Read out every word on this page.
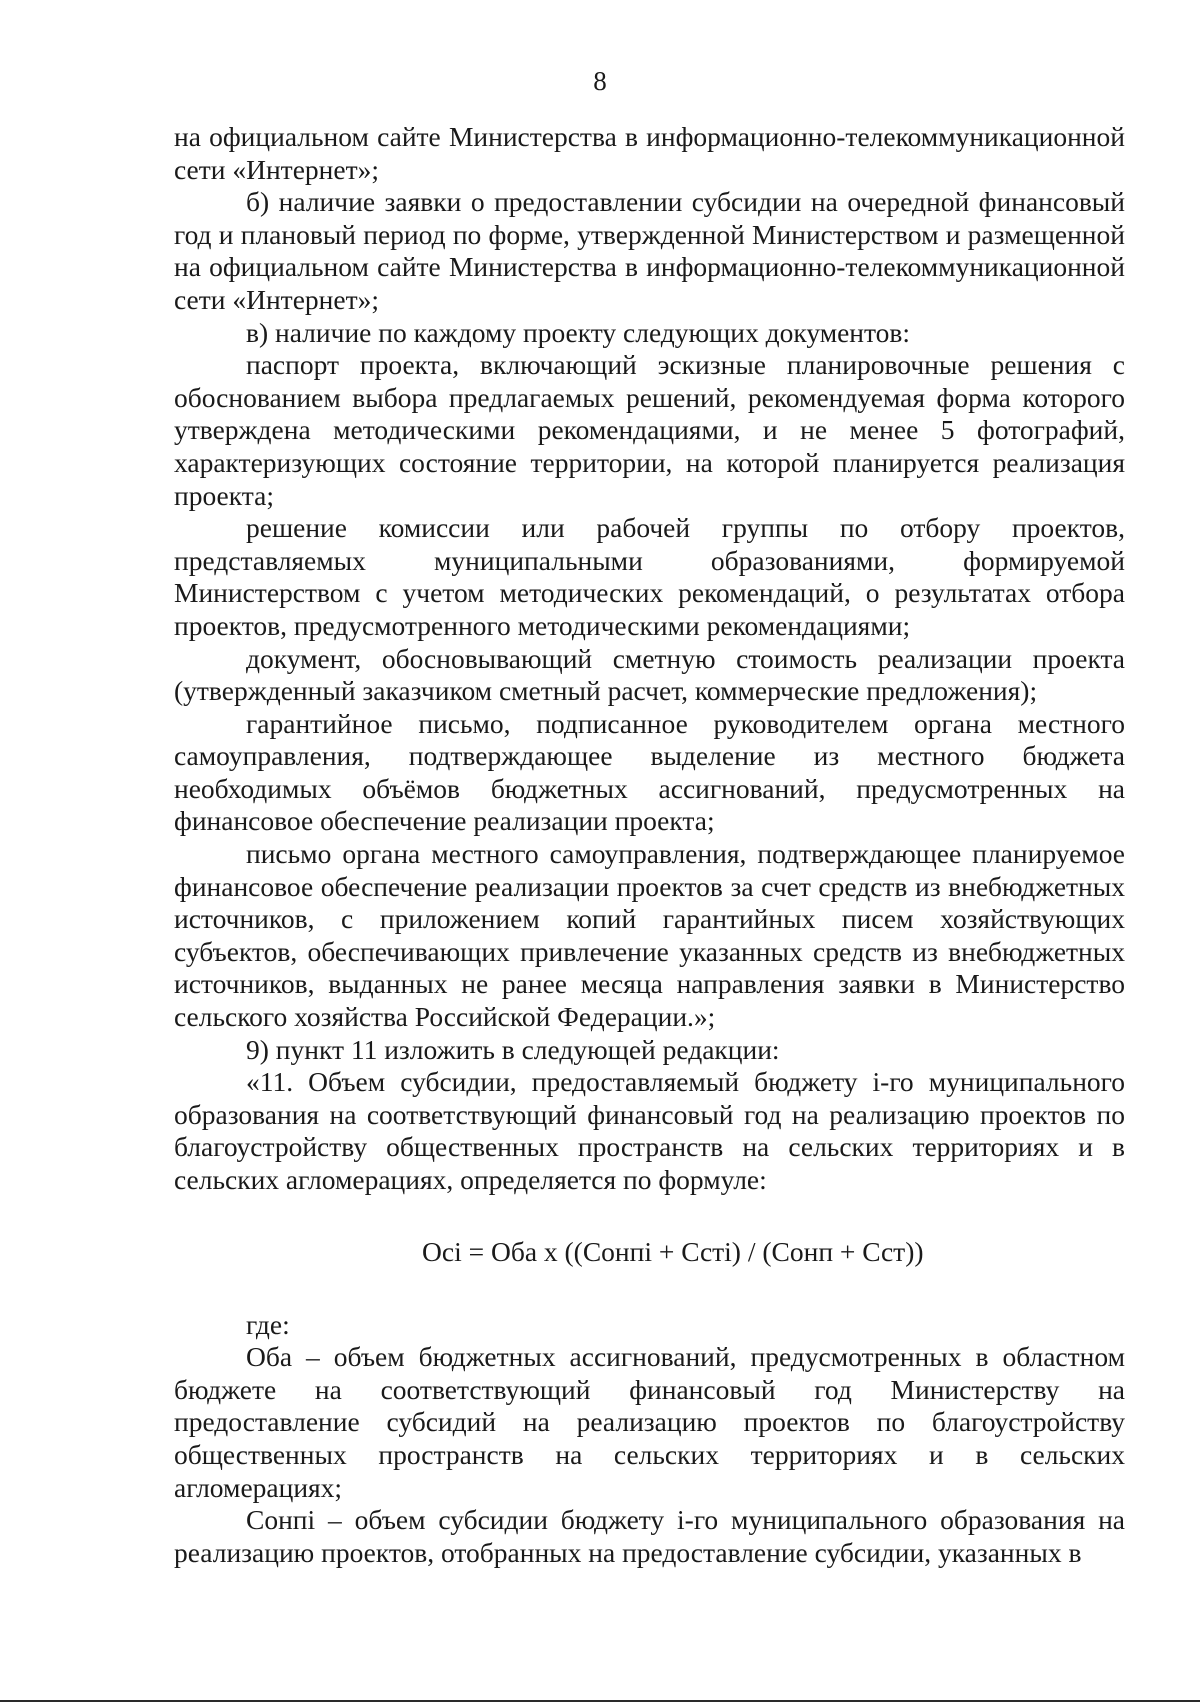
8

на официальном сайте Министерства в информационно-телекоммуникационной сети «Интернет»;

б) наличие заявки о предоставлении субсидии на очередной финансовый год и плановый период по форме, утвержденной Министерством и размещенной на официальном сайте Министерства в информационно-телекоммуникационной сети «Интернет»;

в) наличие по каждому проекту следующих документов:

паспорт проекта, включающий эскизные планировочные решения с обоснованием выбора предлагаемых решений, рекомендуемая форма которого утверждена методическими рекомендациями, и не менее 5 фотографий, характеризующих состояние территории, на которой планируется реализация проекта;

решение комиссии или рабочей группы по отбору проектов, представляемых муниципальными образованиями, формируемой Министерством с учетом методических рекомендаций, о результатах отбора проектов, предусмотренного методическими рекомендациями;

документ, обосновывающий сметную стоимость реализации проекта (утвержденный заказчиком сметный расчет, коммерческие предложения);

гарантийное письмо, подписанное руководителем органа местного самоуправления, подтверждающее выделение из местного бюджета необходимых объёмов бюджетных ассигнований, предусмотренных на финансовое обеспечение реализации проекта;

письмо органа местного самоуправления, подтверждающее планируемое финансовое обеспечение реализации проектов за счет средств из внебюджетных источников, с приложением копий гарантийных писем хозяйствующих субъектов, обеспечивающих привлечение указанных средств из внебюджетных источников, выданных не ранее месяца направления заявки в Министерство сельского хозяйства Российской Федерации.»;

9) пункт 11 изложить в следующей редакции:

«11. Объем субсидии, предоставляемый бюджету i-го муниципального образования на соответствующий финансовый год на реализацию проектов по благоустройству общественных пространств на сельских территориях и в сельских агломерациях, определяется по формуле:

Осi = Оба х ((Сонпi + Сстi) / (Сонп + Сст))

где:

Оба – объем бюджетных ассигнований, предусмотренных в областном бюджете на соответствующий финансовый год Министерству на предоставление субсидий на реализацию проектов по благоустройству общественных пространств на сельских территориях и в сельских агломерациях;

Сонпi – объем субсидии бюджету i-го муниципального образования на реализацию проектов, отобранных на предоставление субсидии, указанных в
